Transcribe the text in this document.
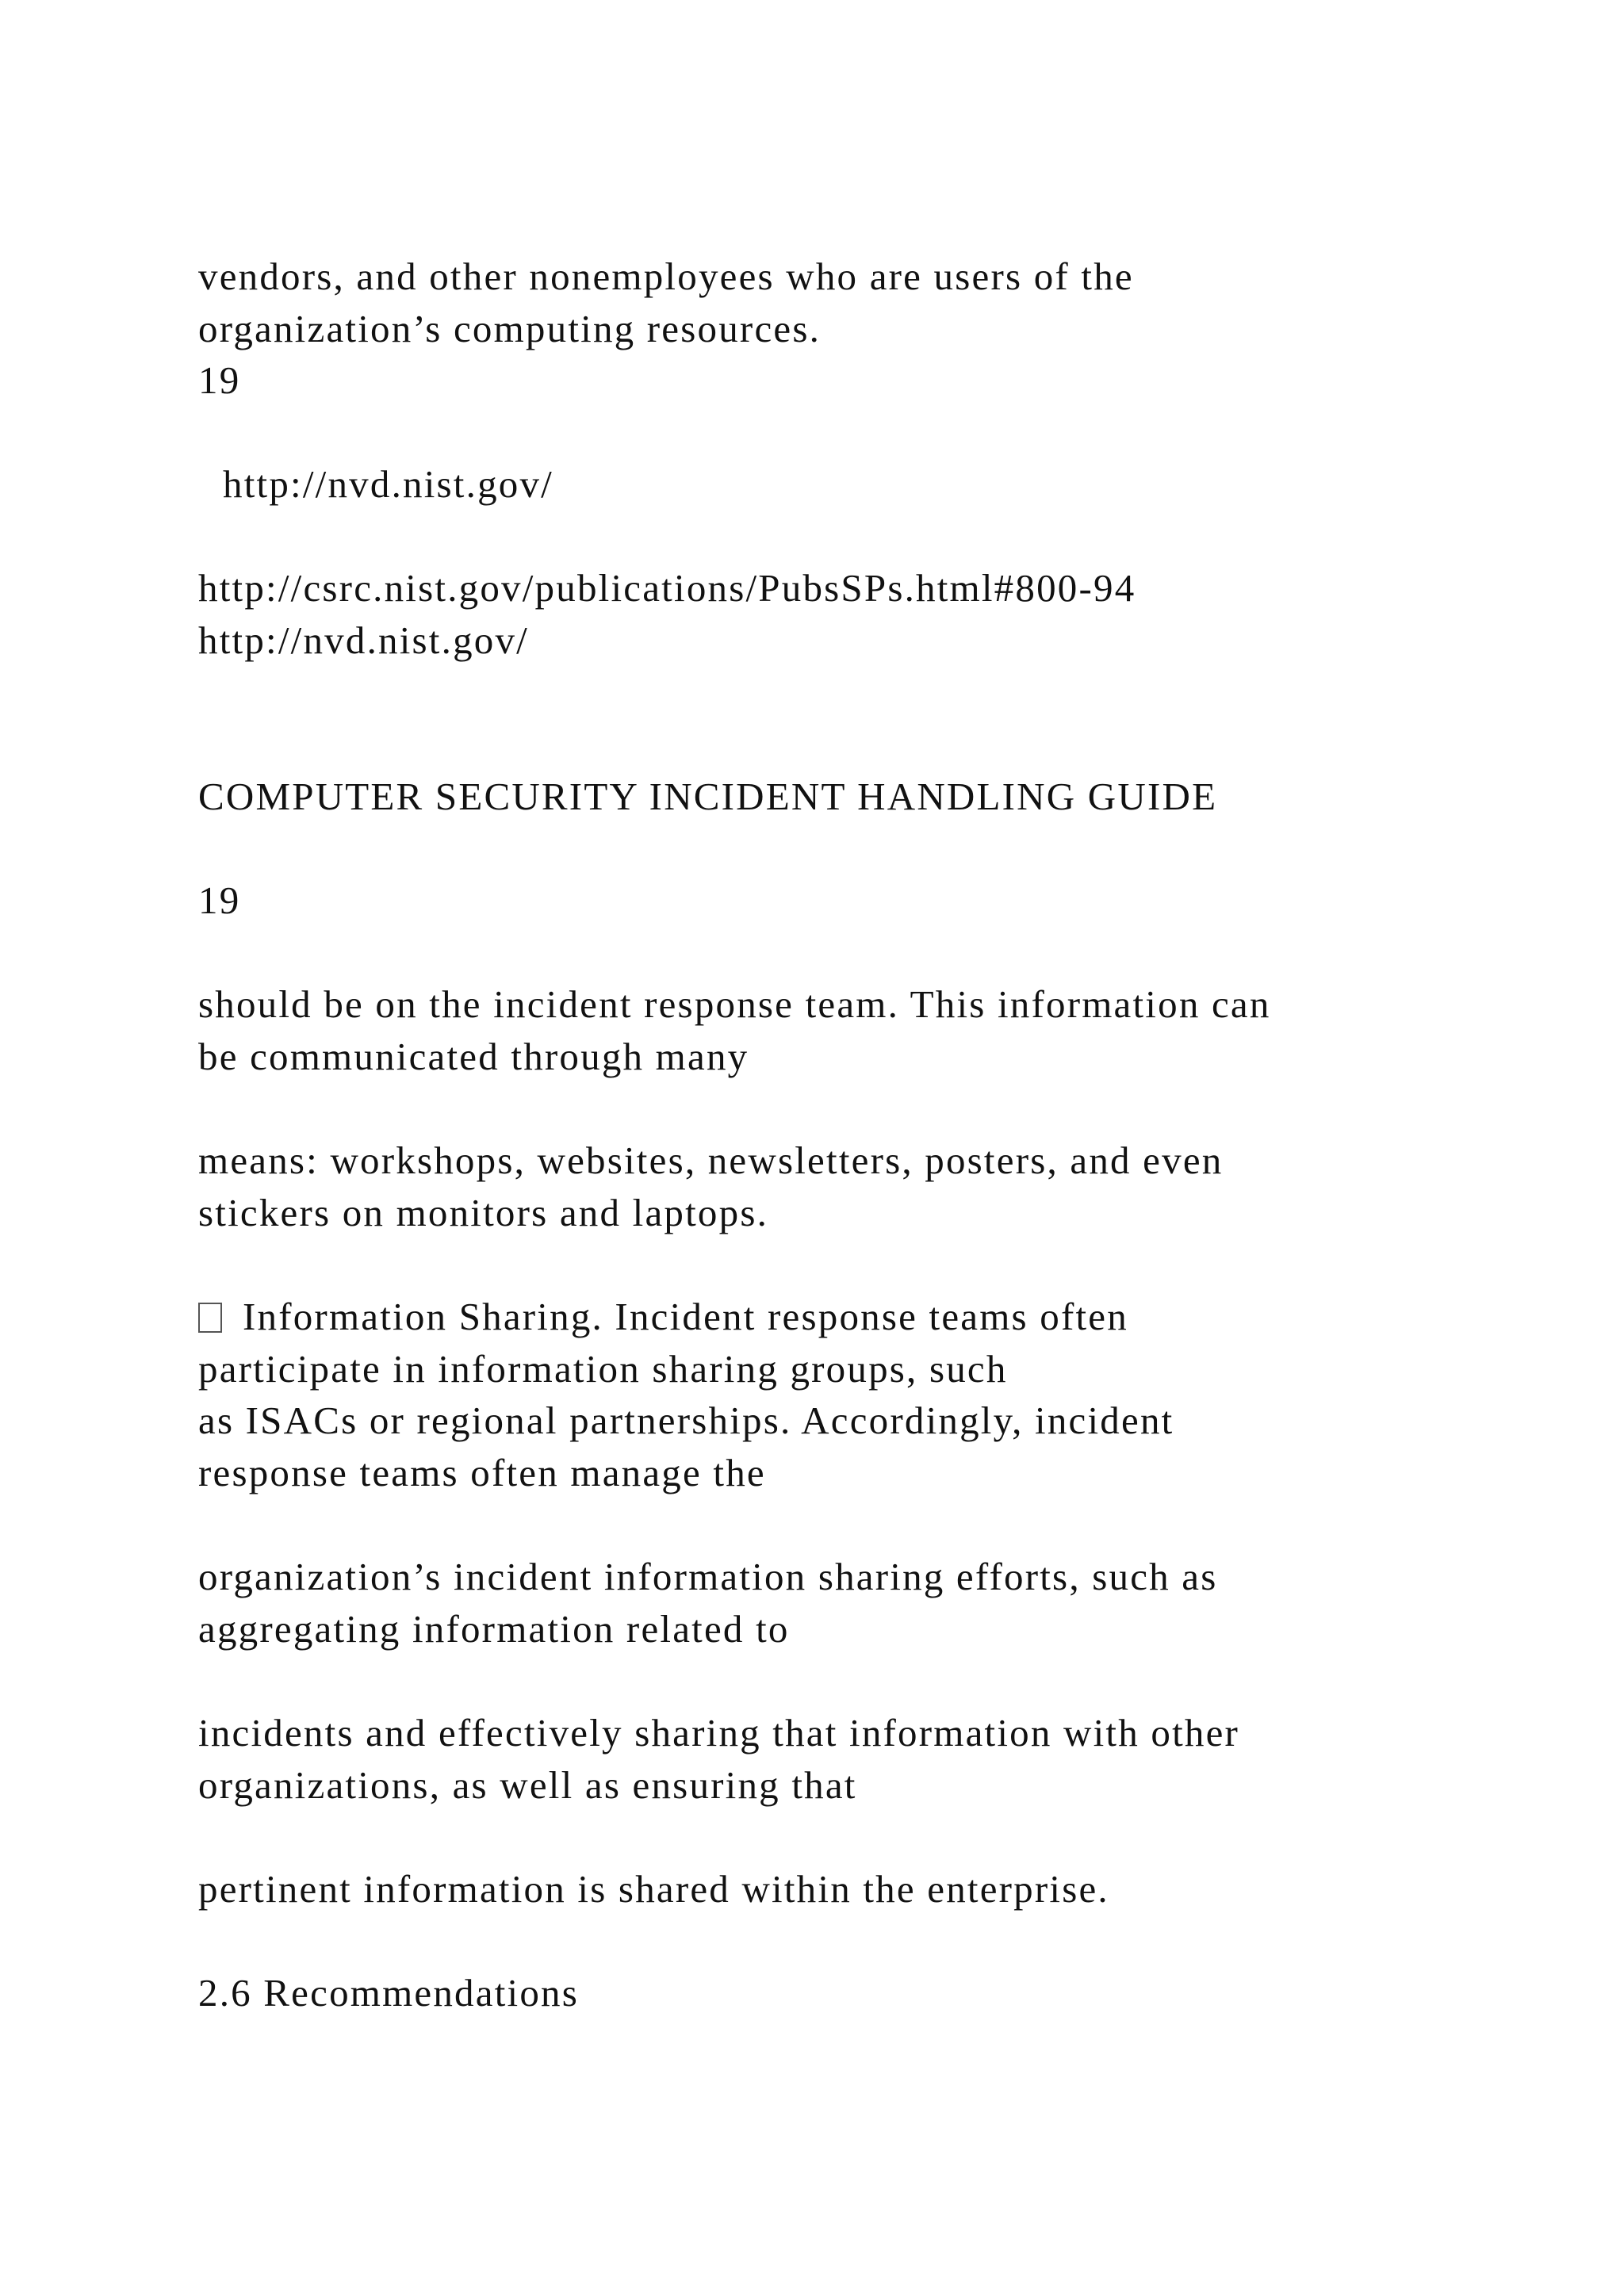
vendors, and other nonemployees who are users of the

organization’s computing resources.

19

http://nvd.nist.gov/

http://csrc.nist.gov/publications/PubsSPs.html#800-94

http://nvd.nist.gov/

COMPUTER SECURITY INCIDENT HANDLING GUIDE

19

should be on the incident response team. This information can

be communicated through many

means: workshops, websites, newsletters, posters, and even

stickers on monitors and laptops.

Information Sharing. Incident response teams often

participate in information sharing groups, such

as ISACs or regional partnerships. Accordingly, incident

response teams often manage the

organization’s incident information sharing efforts, such as

aggregating information related to

incidents and effectively sharing that information with other

organizations, as well as ensuring that

pertinent information is shared within the enterprise.

2.6 Recommendations
